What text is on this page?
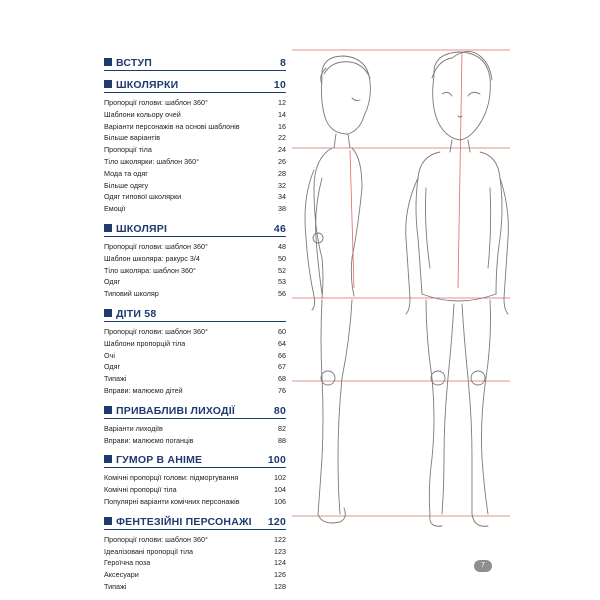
ВСТУП	8
ШКОЛЯРКИ	10
Пропорції голови: шаблон 360°	12
Шаблони кольору очей	14
Варіанти персонажів на основі шаблонів	16
Більше варіантів	22
Пропорції тіла	24
Тіло школярки: шаблон 360°	26
Мода та одяг	28
Більше одягу	32
Одяг типової школярки	34
Емоції	38
ШКОЛЯРІ	46
Пропорції голови: шаблон 360°	48
Шаблон школяра: ракурс 3/4	50
Тіло школяра: шаблон 360°	52
Одяг	53
Типовий школяр	56
ДІТИ 58
Пропорції голови: шаблон 360°	60
Шаблони пропорцій тіла	64
Очі	66
Одяг	67
Типажі	68
Вправи: малюємо дітей	76
ПРИВАБЛИВІ ЛИХОДІЇ	80
Варіанти лиходіїв	82
Вправи: малюємо поганців	88
ГУМОР В АНІМЕ	100
Комічні пропорції голови: підморгування	102
Комічні пропорції тіла	104
Популярні варіанти комічних персонажів	106
ФЕНТЕЗІЙНІ ПЕРСОНАЖІ 120
Пропорції голови: шаблон 360°	122
Ідеалізовані пропорції тіла	123
Героїчна поза	124
Аксесуари	126
Типажі	128
7
